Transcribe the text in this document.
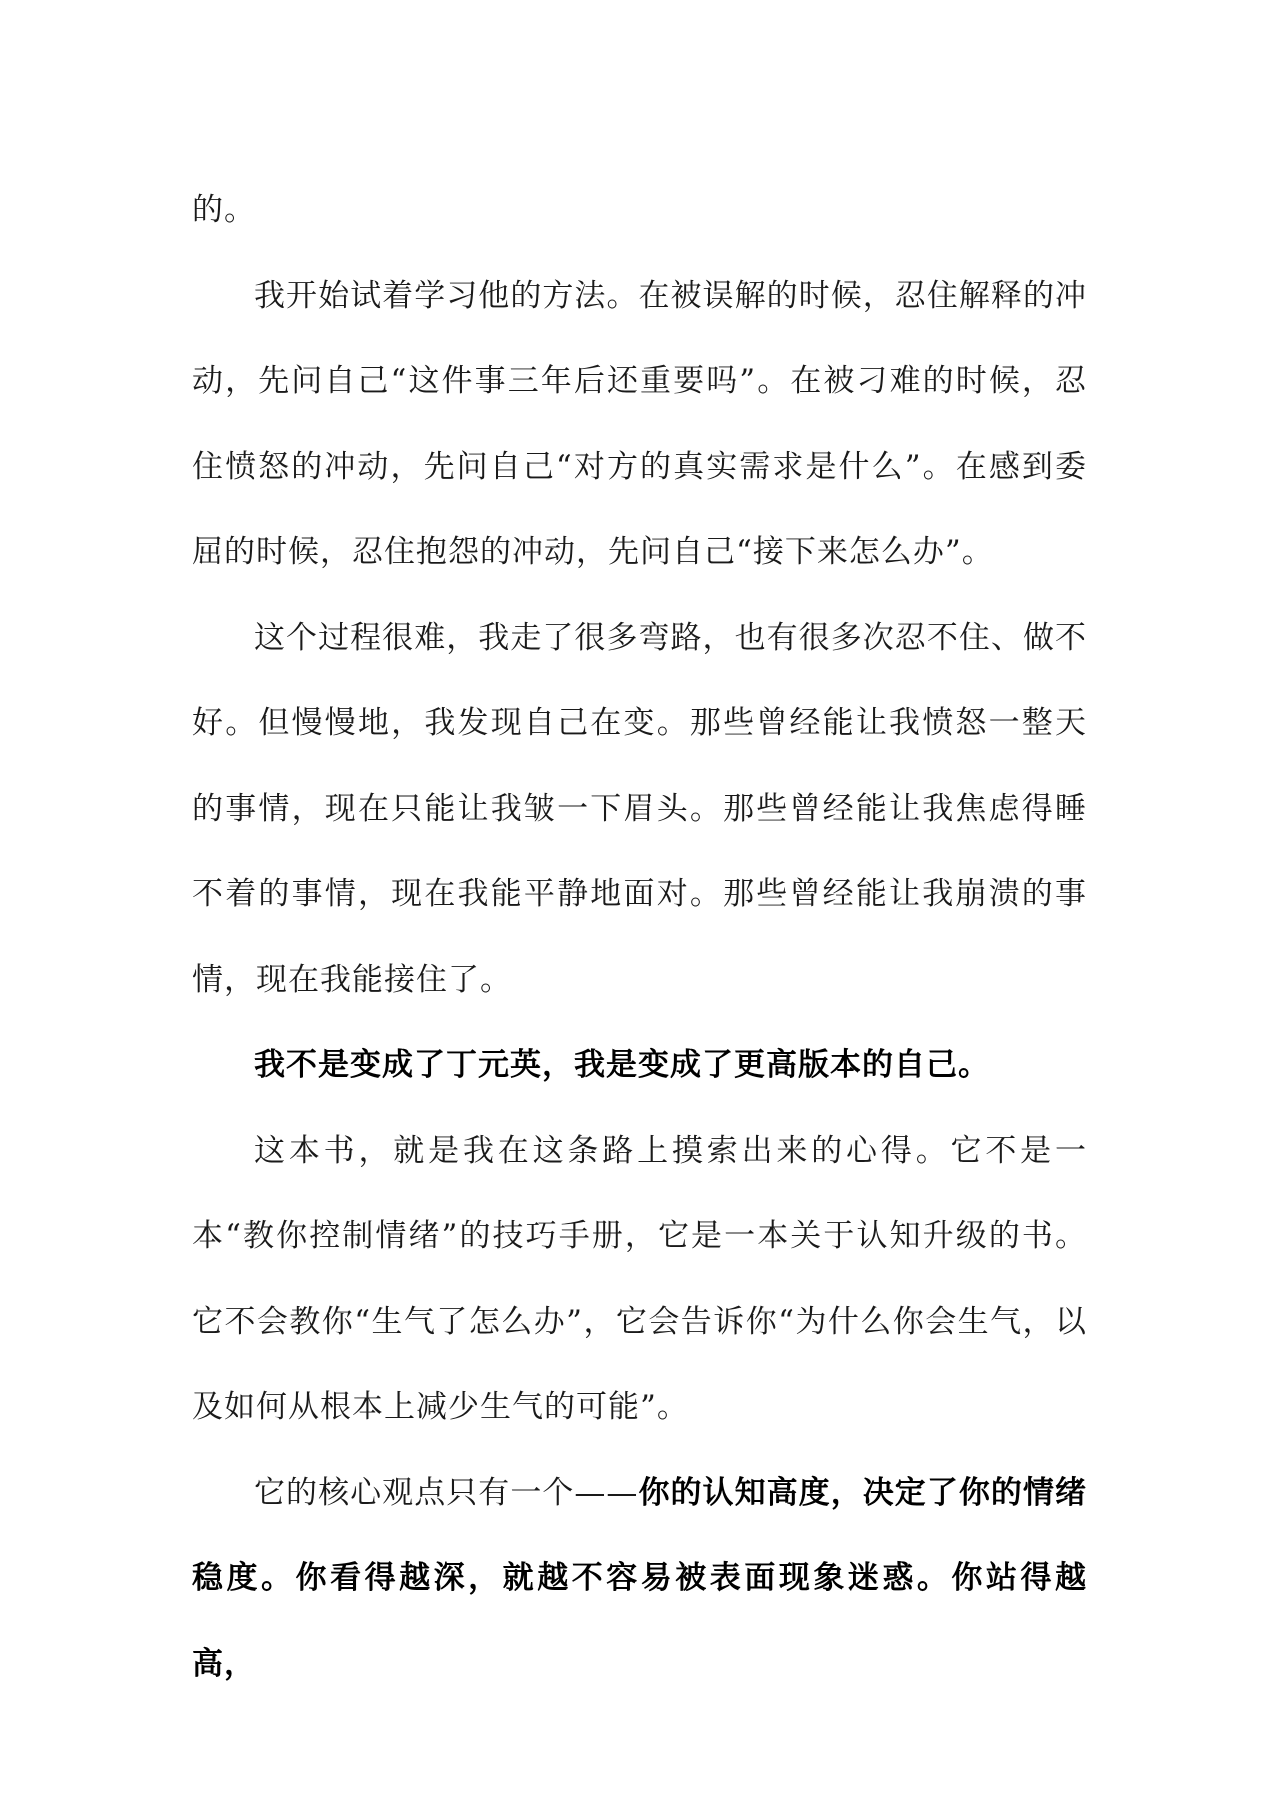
的。

我开始试着学习他的方法。在被误解的时候，忍住解释的冲动，先问自己“这件事三年后还重要吗”。在被刁难的时候，忍住愤怒的冲动，先问自己“对方的真实需求是什么”。在感到委屈的时候，忍住抱怨的冲动，先问自己“接下来怎么办”。

这个过程很难，我走了很多弯路，也有很多次忍不住、做不好。但慢慢地，我发现自己在变。那些曾经能让我愤怒一整天的事情，现在只能让我皱一下眉头。那些曾经能让我焦虑得睡不着的事情，现在我能平静地面对。那些曾经能让我崩溃的事情，现在我能接住了。

我不是变成了丁元英，我是变成了更高版本的自己。

这本书，就是我在这条路上摸索出来的心得。它不是一本“教你控制情绪”的技巧手册，它是一本关于认知升级的书。它不会教你“生气了怎么办”，它会告诉你“为什么你会生气，以及如何从根本上减少生气的可能”。

它的核心观点只有一个——你的认知高度，决定了你的情绪稳度。你看得越深，就越不容易被表面现象迷惑。你站得越高，
